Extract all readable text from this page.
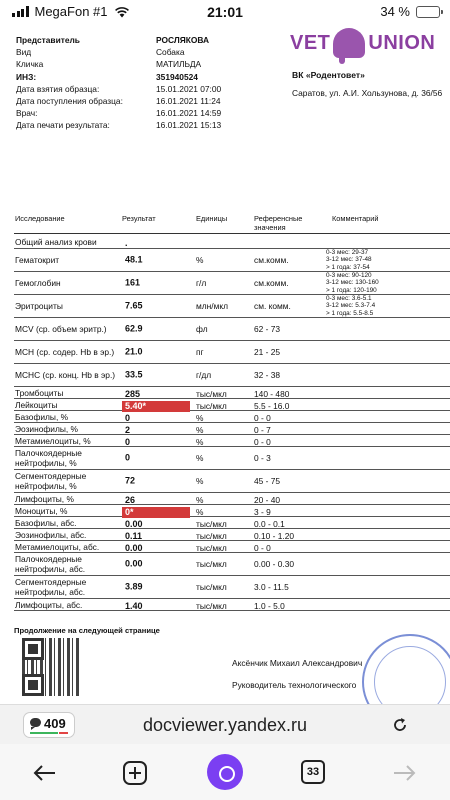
MegaFon #1	21:01	34 %
Представитель	РОСЛЯКОВА
Вид	Собака
Кличка	МАТИЛЬДА
ИНЗ:	351940524
Дата взятия образца:	15.01.2021 07:00
Дата поступления образца:	16.01.2021 11:24
Врач:	16.01.2021 14:59
Дата печати результата:	16.01.2021 15:13
VET UNION
ВК «Родентовет»
Саратов, ул. А.И. Хользунова, д. 36/56
Исследование	Результат	Единицы	Референсные значения
Комментарий
Общий анализ крови	.
Гематокрит	48.1	%	см.комм.
0-3 мес: 29-37
3-12 мес: 37-48
> 1 года: 37-54
Гемоглобин	161	г/л	см.комм.
0-3 мес: 90-120
3-12 мес: 130-160
> 1 года: 120-190
Эритроциты	7.65	млн/мкл	см. комм.
0-3 мес: 3.6-5.1
3-12 мес: 5.3-7.4
> 1 года: 5.5-8.5
MCV (ср. объем эритр.)	62.9	фл	62 - 73
MCH (ср. содер. Hb в эр.)	21.0	пг	21 - 25
MCHC (ср. конц. Hb в эр.)	33.5	г/дл	32 - 38
Тромбоциты	285	тыс/мкл	140 - 480
Лейкоциты	5.40*	тыс/мкл	5.5 - 16.0
Базофилы, %	0	%	0 - 0
Эозинофилы, %	2	%	0 - 7
Метамиелоциты, %	0	%	0 - 0
Палочкоядерные нейтрофилы, %
0	%	0 - 3
Сегментоядерные нейтрофилы, %
72	%	45 - 75
Лимфоциты, %	26	%	20 - 40
Моноциты, %	0*	%	3 - 9
Базофилы, абс.	0.00	тыс/мкл	0.0 - 0.1
Эозинофилы, абс.	0.11	тыс/мкл	0.10 - 1.20
Метамиелоциты, абс.	0.00	тыс/мкл	0 - 0
Палочкоядерные нейтрофилы, абс.
0.00	тыс/мкл	0.00 - 0.30
Сегментоядерные нейтрофилы, абс.
3.89	тыс/мкл	3.0 - 11.5
Лимфоциты, абс.	1.40	тыс/мкл	1.0 - 5.0
Продолжение на следующей странице
Аксёнчик Михаил Александрович
Руководитель технологического
409	docviewer.yandex.ru
33
